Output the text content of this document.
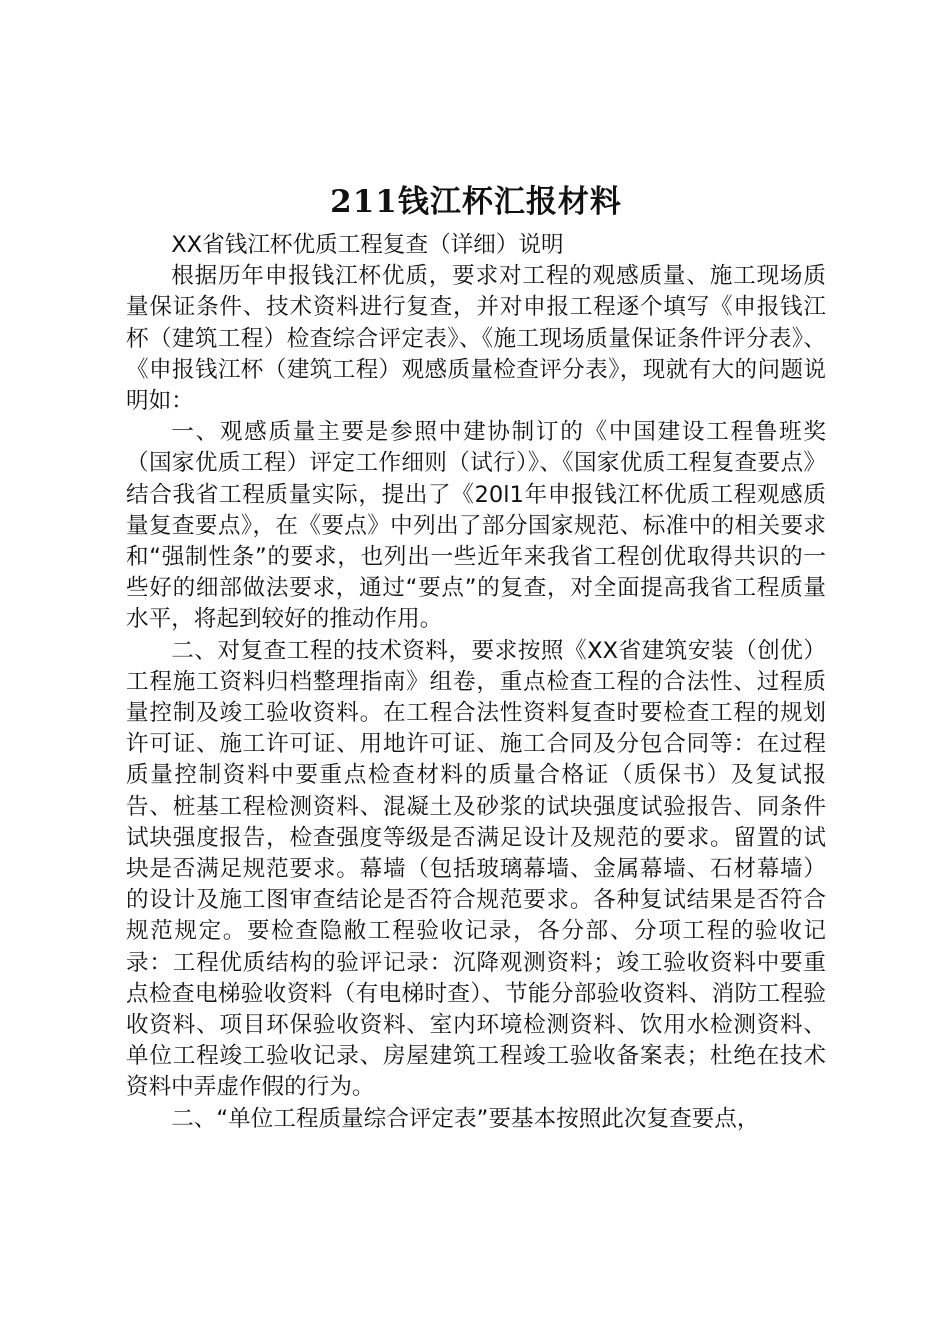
211钱江杯汇报材料

XX省钱江杯优质工程复查（详细）说明

根据历年申报钱江杯优质，要求对工程的观感质量、施工现场质量保证条件、技术资料进行复查，并对申报工程逐个填写《申报钱江杯（建筑工程）检查综合评定表》、《施工现场质量保证条件评分表》、《申报钱江杯（建筑工程）观感质量检查评分表》，现就有大的问题说明如：

一、观感质量主要是参照中建协制订的《中国建设工程鲁班奖（国家优质工程）评定工作细则（试行）》、《国家优质工程复查要点》结合我省工程质量实际，提出了《20l1年申报钱江杯优质工程观感质量复查要点》，在《要点》中列出了部分国家规范、标准中的相关要求和“强制性条”的要求，也列出一些近年来我省工程创优取得共识的一些好的细部做法要求，通过“要点”的复查，对全面提高我省工程质量水平，将起到较好的推动作用。

二、对复查工程的技术资料，要求按照《XX省建筑安装（创优）工程施工资料归档整理指南》组卷，重点检查工程的合法性、过程质量控制及竣工验收资料。在工程合法性资料复查时要检查工程的规划许可证、施工许可证、用地许可证、施工合同及分包合同等：在过程质量控制资料中要重点检查材料的质量合格证（质保书）及复试报告、桩基工程检测资料、混凝土及砂浆的试块强度试验报告、同条件试块强度报告，检查强度等级是否满足设计及规范的要求。留置的试块是否满足规范要求。幕墙（包括玻璃幕墙、金属幕墙、石材幕墙）的设计及施工图审查结论是否符合规范要求。各种复试结果是否符合规范规定。要检查隐敝工程验收记录，各分部、分项工程的验收记录：工程优质结构的验评记录：沉降观测资料；竣工验收资料中要重点检查电梯验收资料（有电梯时查）、节能分部验收资料、消防工程验收资料、项目环保验收资料、室内环境检测资料、饮用水检测资料、单位工程竣工验收记录、房屋建筑工程竣工验收备案表；杜绝在技术资料中弄虚作假的行为。

二、“单位工程质量综合评定表”要基本按照此次复查要点，
